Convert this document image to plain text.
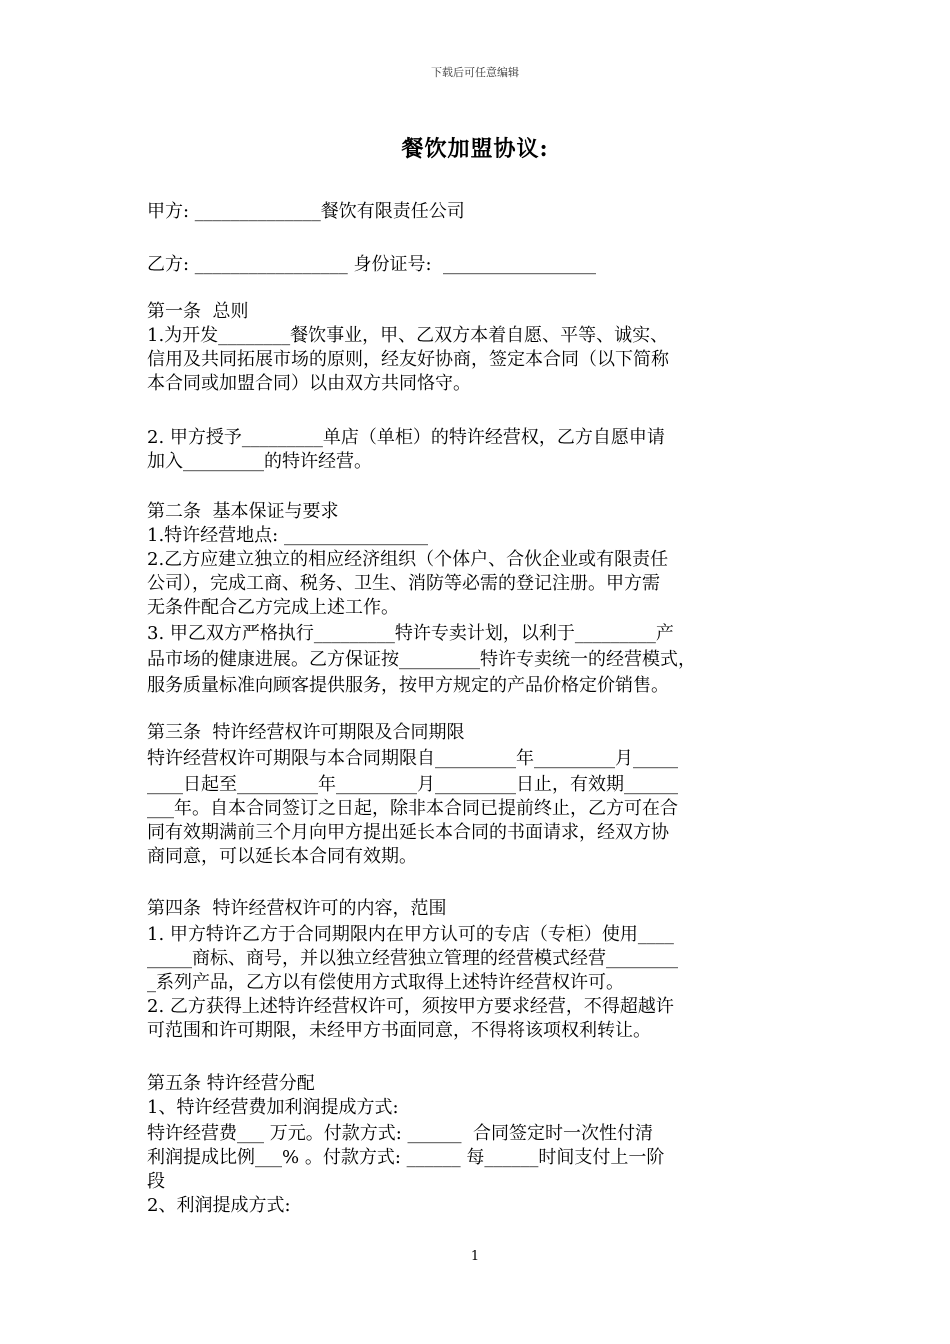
下载后可任意编辑
餐饮加盟协议:

甲方: ______________餐饮有限责任公司

乙方: _________________ 身份证号:  _________________

第一条  总则

1.为开发________餐饮事业，甲、乙双方本着自愿、平等、诚实、

信用及共同拓展市场的原则，经友好协商，签定本合同（以下简称

本合同或加盟合同）以由双方共同恪守。

2. 甲方授予_________单店（单柜）的特许经营权，乙方自愿申请

加入_________的特许经营。

第二条  基本保证与要求

1.特许经营地点: ________________

2.乙方应建立独立的相应经济组织（个体户、合伙企业或有限责任

公司），完成工商、税务、卫生、消防等必需的登记注册。甲方需

无条件配合乙方完成上述工作。

3. 甲乙双方严格执行_________特许专卖计划，以利于_________产

品市场的健康进展。乙方保证按_________特许专卖统一的经营模式，

服务质量标准向顾客提供服务，按甲方规定的产品价格定价销售。

第三条  特许经营权许可期限及合同期限

特许经营权许可期限与本合同期限自_________年_________月_____

____日起至_________年_________月_________日止，有效期______

___年。自本合同签订之日起，除非本合同已提前终止，乙方可在合

同有效期满前三个月向甲方提出延长本合同的书面请求，经双方协

商同意，可以延长本合同有效期。

第四条  特许经营权许可的内容，范围

1. 甲方特许乙方于合同期限内在甲方认可的专店（专柜）使用____

_____商标、商号，并以独立经营独立管理的经营模式经营________

_系列产品，乙方以有偿使用方式取得上述特许经营权许可。

2. 乙方获得上述特许经营权许可，须按甲方要求经营，不得超越许

可范围和许可期限，未经甲方书面同意，不得将该项权利转让。

第五条 特许经营分配

1、特许经营费加利润提成方式:

特许经营费___ 万元。付款方式: ______  合同签定时一次性付清

利润提成比例___% 。付款方式: ______ 每______时间支付上一阶

段

2、利润提成方式:

1
